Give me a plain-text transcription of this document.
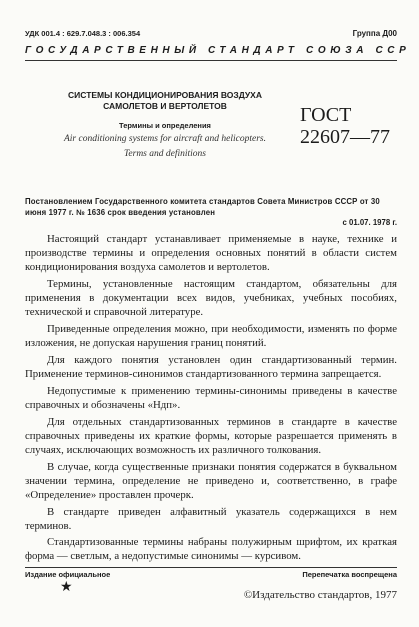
УДК 001.4 : 629.7.048.3 : 006.354	Группа Д00
ГОСУДАРСТВЕННЫЙ СТАНДАРТ СОЮЗА ССР
СИСТЕМЫ КОНДИЦИОНИРОВАНИЯ ВОЗДУХА
САМОЛЕТОВ И ВЕРТОЛЕТОВ
Термины и определения
Air conditioning systems for aircraft and helicopters.
Terms and definitions
ГОСТ
22607—77
Постановлением Государственного комитета стандартов Совета Министров СССР от 30 июня 1977 г. № 1636 срок введения установлен
с 01.07. 1978 г.

Настоящий стандарт устанавливает применяемые в науке, технике и производстве термины и определения основных понятий в области систем кондиционирования воздуха самолетов и вертолетов.

Термины, установленные настоящим стандартом, обязательны для применения в документации всех видов, учебниках, учебных пособиях, технической и справочной литературе.

Приведенные определения можно, при необходимости, изменять по форме изложения, не допуская нарушения границ понятий.

Для каждого понятия установлен один стандартизованный термин. Применение терминов-синонимов стандартизованного термина запрещается.

Недопустимые к применению термины-синонимы приведены в качестве справочных и обозначены «Ндп».

Для отдельных стандартизованных терминов в стандарте в качестве справочных приведены их краткие формы, которые разрешается применять в случаях, исключающих возможность их различного толкования.

В случае, когда существенные признаки понятия содержатся в буквальном значении термина, определение не приведено и, соответственно, в графе «Определение» проставлен прочерк.

В стандарте приведен алфавитный указатель содержащихся в нем терминов.

Стандартизованные термины набраны полужирным шрифтом, их краткая форма — светлым, а недопустимые синонимы — курсивом.

Издание официальное
★
Перепечатка воспрещена
©Издательство стандартов, 1977
